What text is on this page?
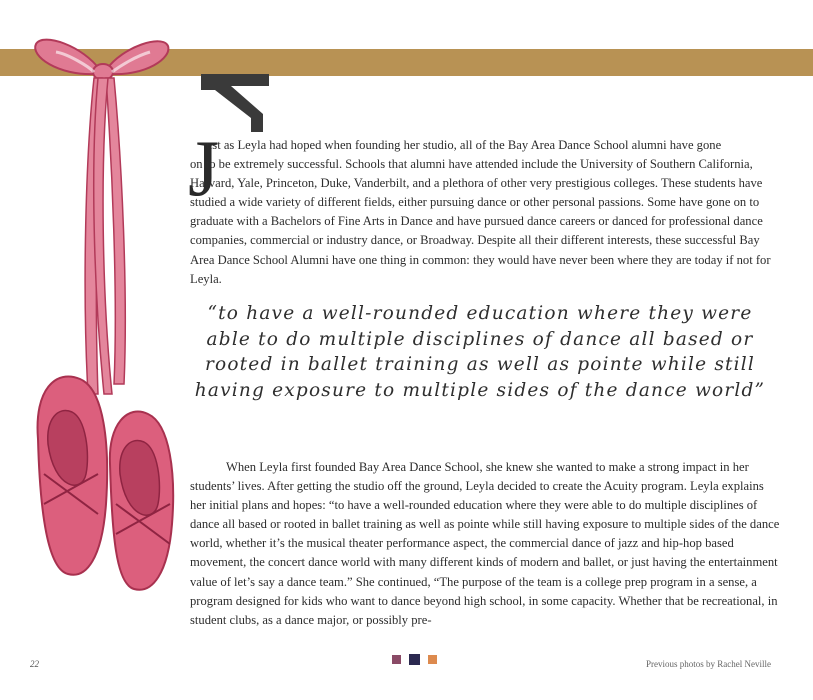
J

ust as Leyla had hoped when founding her studio, all of the Bay Area Dance School alumni have gone
on to be extremely successful. Schools that alumni have attended include the University of Southern California, Harvard, Yale, Princeton, Duke, Vanderbilt, and a plethora of other very prestigious colleges. These students have studied a wide variety of different fields, either pursuing dance or other personal passions. Some have gone on to graduate with a Bachelors of Fine Arts in Dance and have pursued dance careers or danced for professional dance companies, commercial or industry dance, or Broadway. Despite all their different interests, these successful Bay Area Dance School Alumni have one thing in common: they would have never been where they are today if not for Leyla.

“to have a well-rounded education where they were able to do multiple disciplines of dance all based or rooted in ballet training as well as pointe while still having exposure to multiple sides of the dance world”

When Leyla first founded Bay Area Dance School, she knew she wanted to make a strong impact in her students’ lives. After getting the studio off the ground, Leyla decided to create the Acuity program. Leyla explains her initial plans and hopes: “to have a well-rounded education where they were able to do multiple disciplines of dance all based or rooted in ballet training as well as pointe while still having exposure to multiple sides of the dance world, whether it’s the musical theater performance aspect, the commercial dance of jazz and hip-hop based movement, the concert dance world with many different kinds of modern and ballet, or just having the entertainment value of let’s say a dance team.” She continued, “The purpose of the team is a college prep program in a sense, a program designed for kids who want to dance beyond high school, in some capacity. Whether that be recreational, in student clubs, as a dance major, or possibly pre-

22	Previous photos by Rachel Neville
